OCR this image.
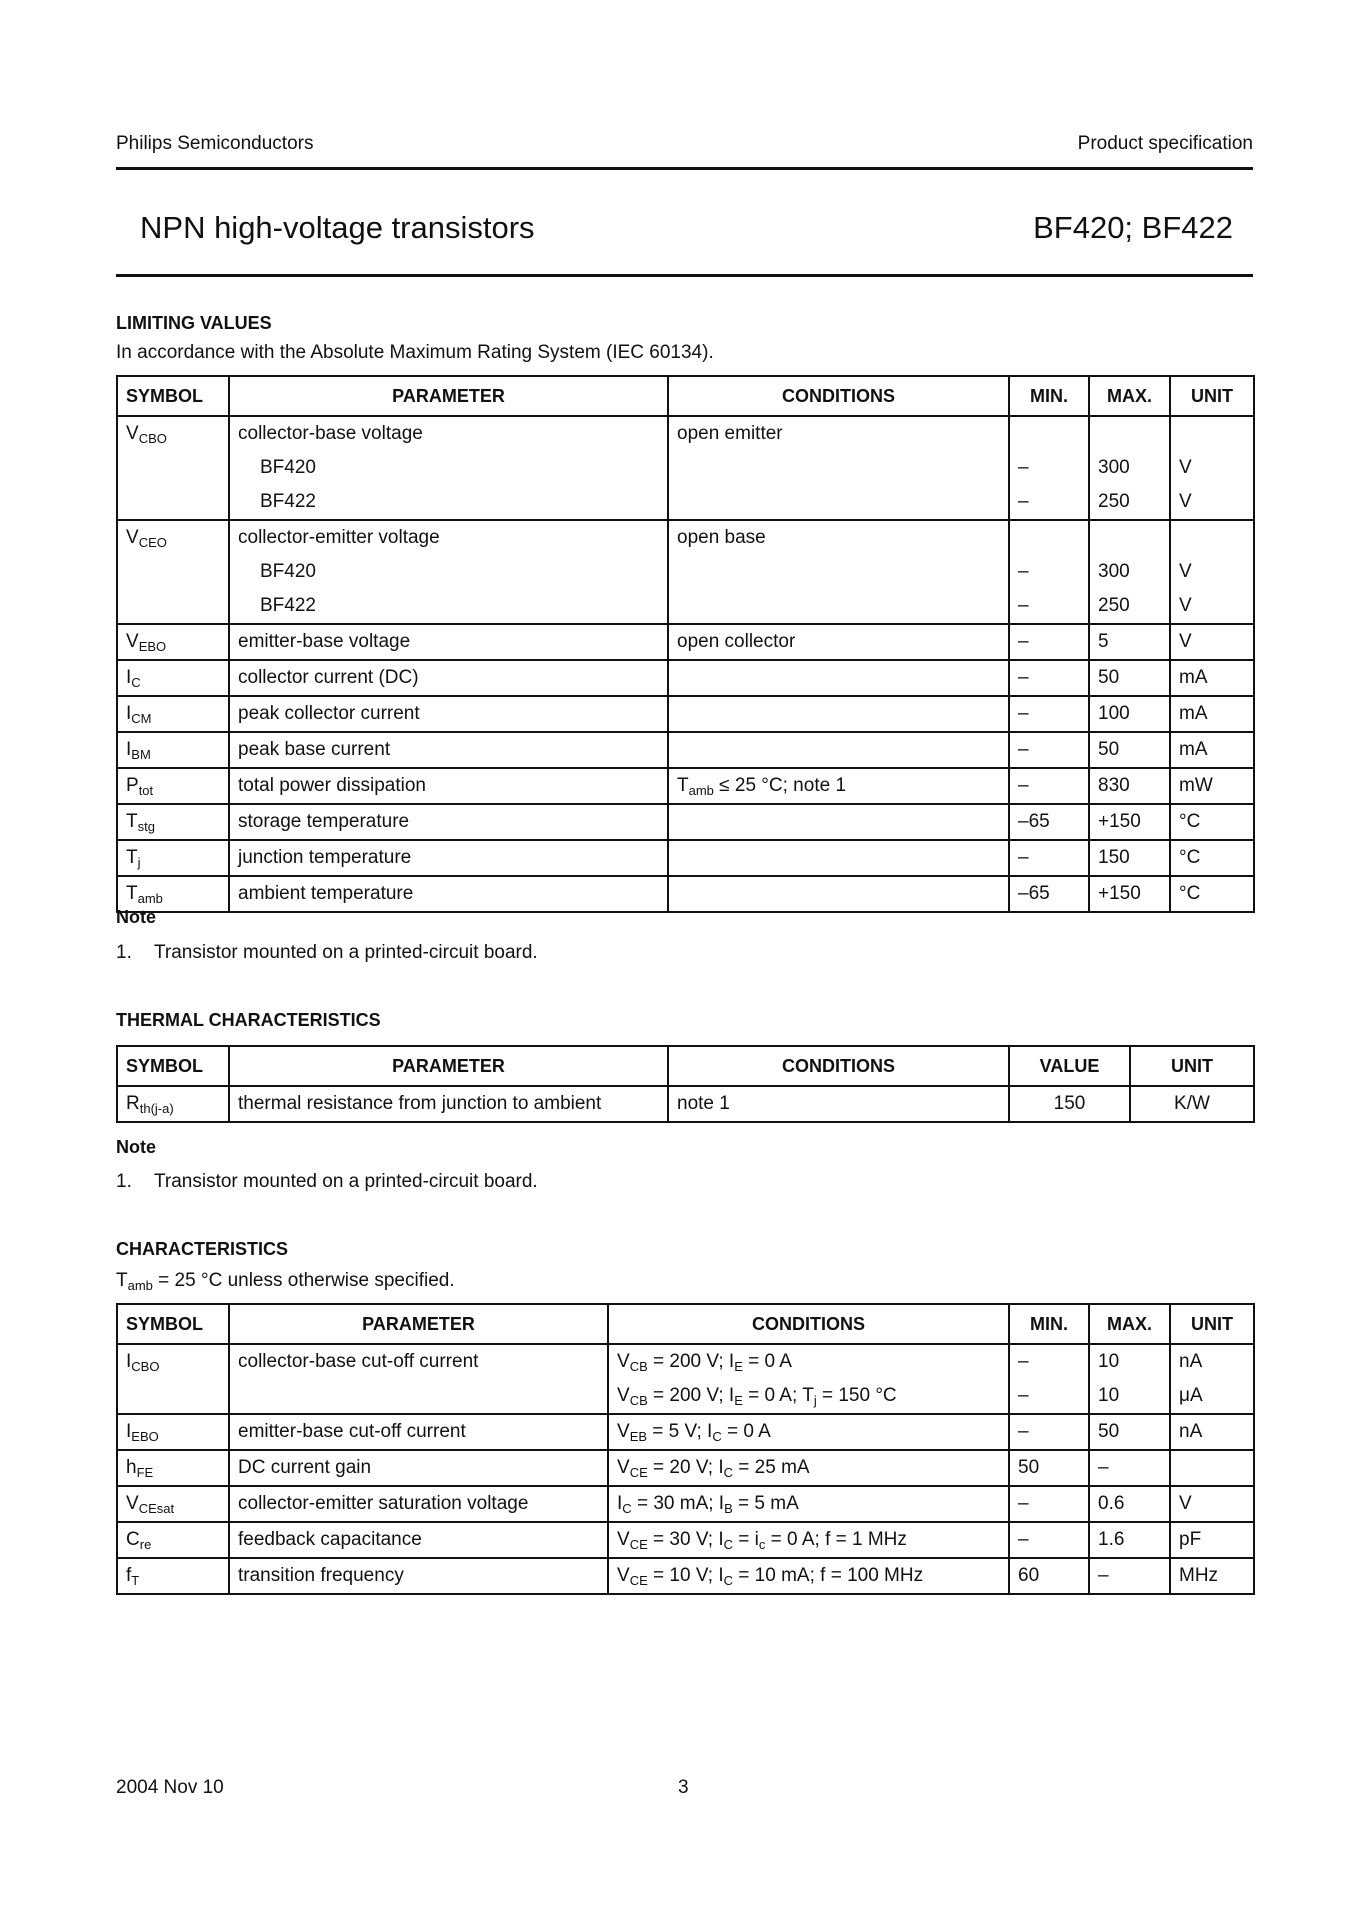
Philips Semiconductors	Product specification
NPN high-voltage transistors	BF420; BF422
LIMITING VALUES
In accordance with the Absolute Maximum Rating System (IEC 60134).
SYMBOL	PARAMETER	CONDITIONS	MIN.	MAX.	UNIT
$V_{CBO}$	collector-base voltage	open emitter			
	BF420		–	300	V
	BF422		–	250	V
$V_{CEO}$	collector-emitter voltage	open base			
	BF420		–	300	V
	BF422		–	250	V
$V_{EBO}$	emitter-base voltage	open collector	–	5	V
$I_C$	collector current (DC)		–	50	mA
$I_{CM}$	peak collector current		–	100	mA
$I_{BM}$	peak base current		–	50	mA
$P_{tot}$	total power dissipation	$T_{amb} \le 25$ °C; note 1	–	830	mW
$T_{stg}$	storage temperature		–65	+150	°C
$T_j$	junction temperature		–	150	°C
$T_{amb}$	ambient temperature		–65	+150	°C
Note
1. Transistor mounted on a printed-circuit board.
THERMAL CHARACTERISTICS
SYMBOL	PARAMETER	CONDITIONS	VALUE	UNIT
$R_{th(j-a)}$	thermal resistance from junction to ambient	note 1	150	K/W
Note
1. Transistor mounted on a printed-circuit board.
CHARACTERISTICS
$T_{amb} = 25$ °C unless otherwise specified.
SYMBOL	PARAMETER	CONDITIONS	MIN.	MAX.	UNIT
$I_{CBO}$	collector-base cut-off current	$V_{CB} = 200$ V; $I_E = 0$ A	–	10	nA
		$V_{CB} = 200$ V; $I_E = 0$ A; $T_j = 150$ °C	–	10	μA
$I_{EBO}$	emitter-base cut-off current	$V_{EB} = 5$ V; $I_C = 0$ A	–	50	nA
$h_{FE}$	DC current gain	$V_{CE} = 20$ V; $I_C = 25$ mA	50	–	
$V_{CEsat}$	collector-emitter saturation voltage	$I_C = 30$ mA; $I_B = 5$ mA	–	0.6	V
$C_{re}$	feedback capacitance	$V_{CE} = 30$ V; $I_C = i_c = 0$ A; f = 1 MHz	–	1.6	pF
$f_T$	transition frequency	$V_{CE} = 10$ V; $I_C = 10$ mA; f = 100 MHz	60	–	MHz
2004 Nov 10	3
